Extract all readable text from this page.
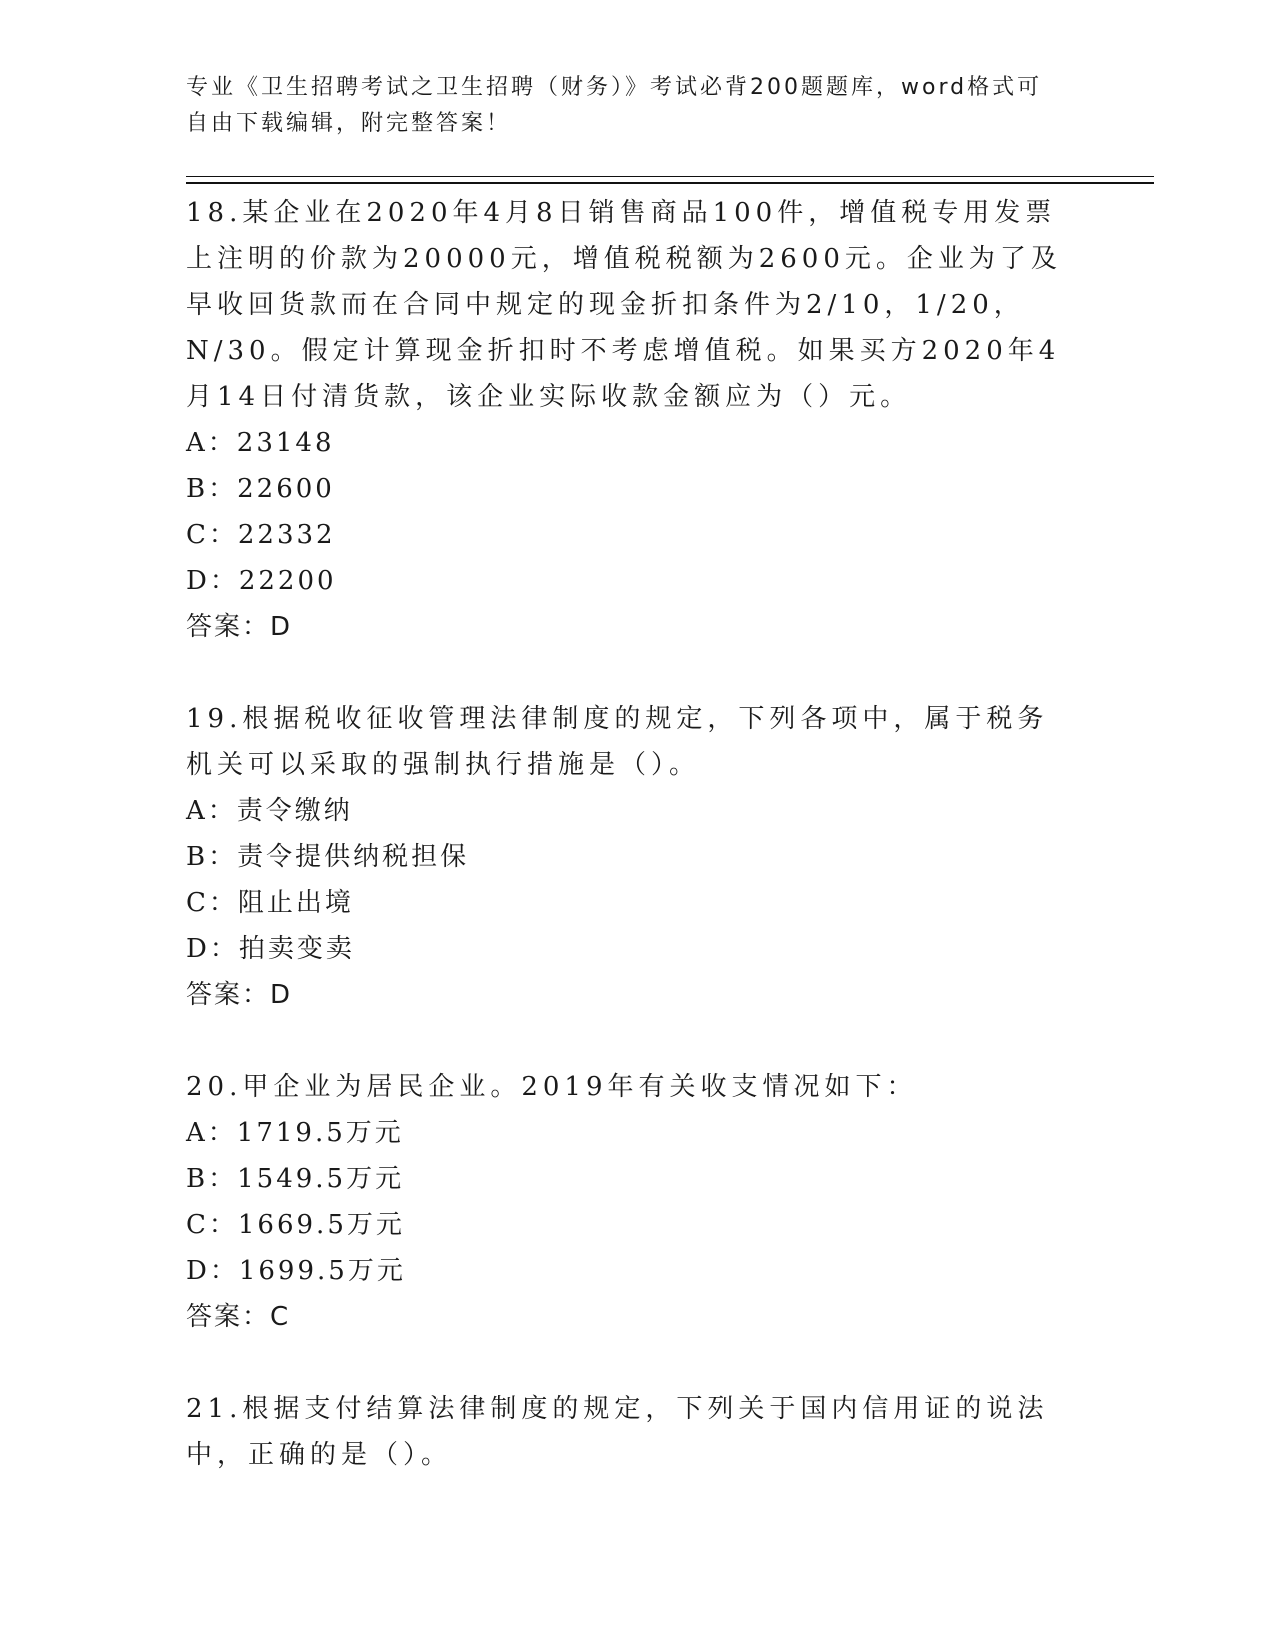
专业《卫生招聘考试之卫生招聘（财务）》考试必背200题题库，word格式可自由下载编辑，附完整答案！

18.某企业在2020年4月8日销售商品100件，增值税专用发票上注明的价款为20000元，增值税税额为2600元。企业为了及早收回货款而在合同中规定的现金折扣条件为2/10，1/20，N/30。假定计算现金折扣时不考虑增值税。如果买方2020年4月14日付清货款，该企业实际收款金额应为（）元。

A：23148

B：22600

C：22332

D：22200

答案：D

19.根据税收征收管理法律制度的规定，下列各项中，属于税务机关可以采取的强制执行措施是（）。

A：责令缴纳

B：责令提供纳税担保

C：阻止出境

D：拍卖变卖

答案：D

20.甲企业为居民企业。2019年有关收支情况如下：

A：1719.5万元

B：1549.5万元

C：1669.5万元

D：1699.5万元

答案：C

21.根据支付结算法律制度的规定，下列关于国内信用证的说法中，正确的是（）。
